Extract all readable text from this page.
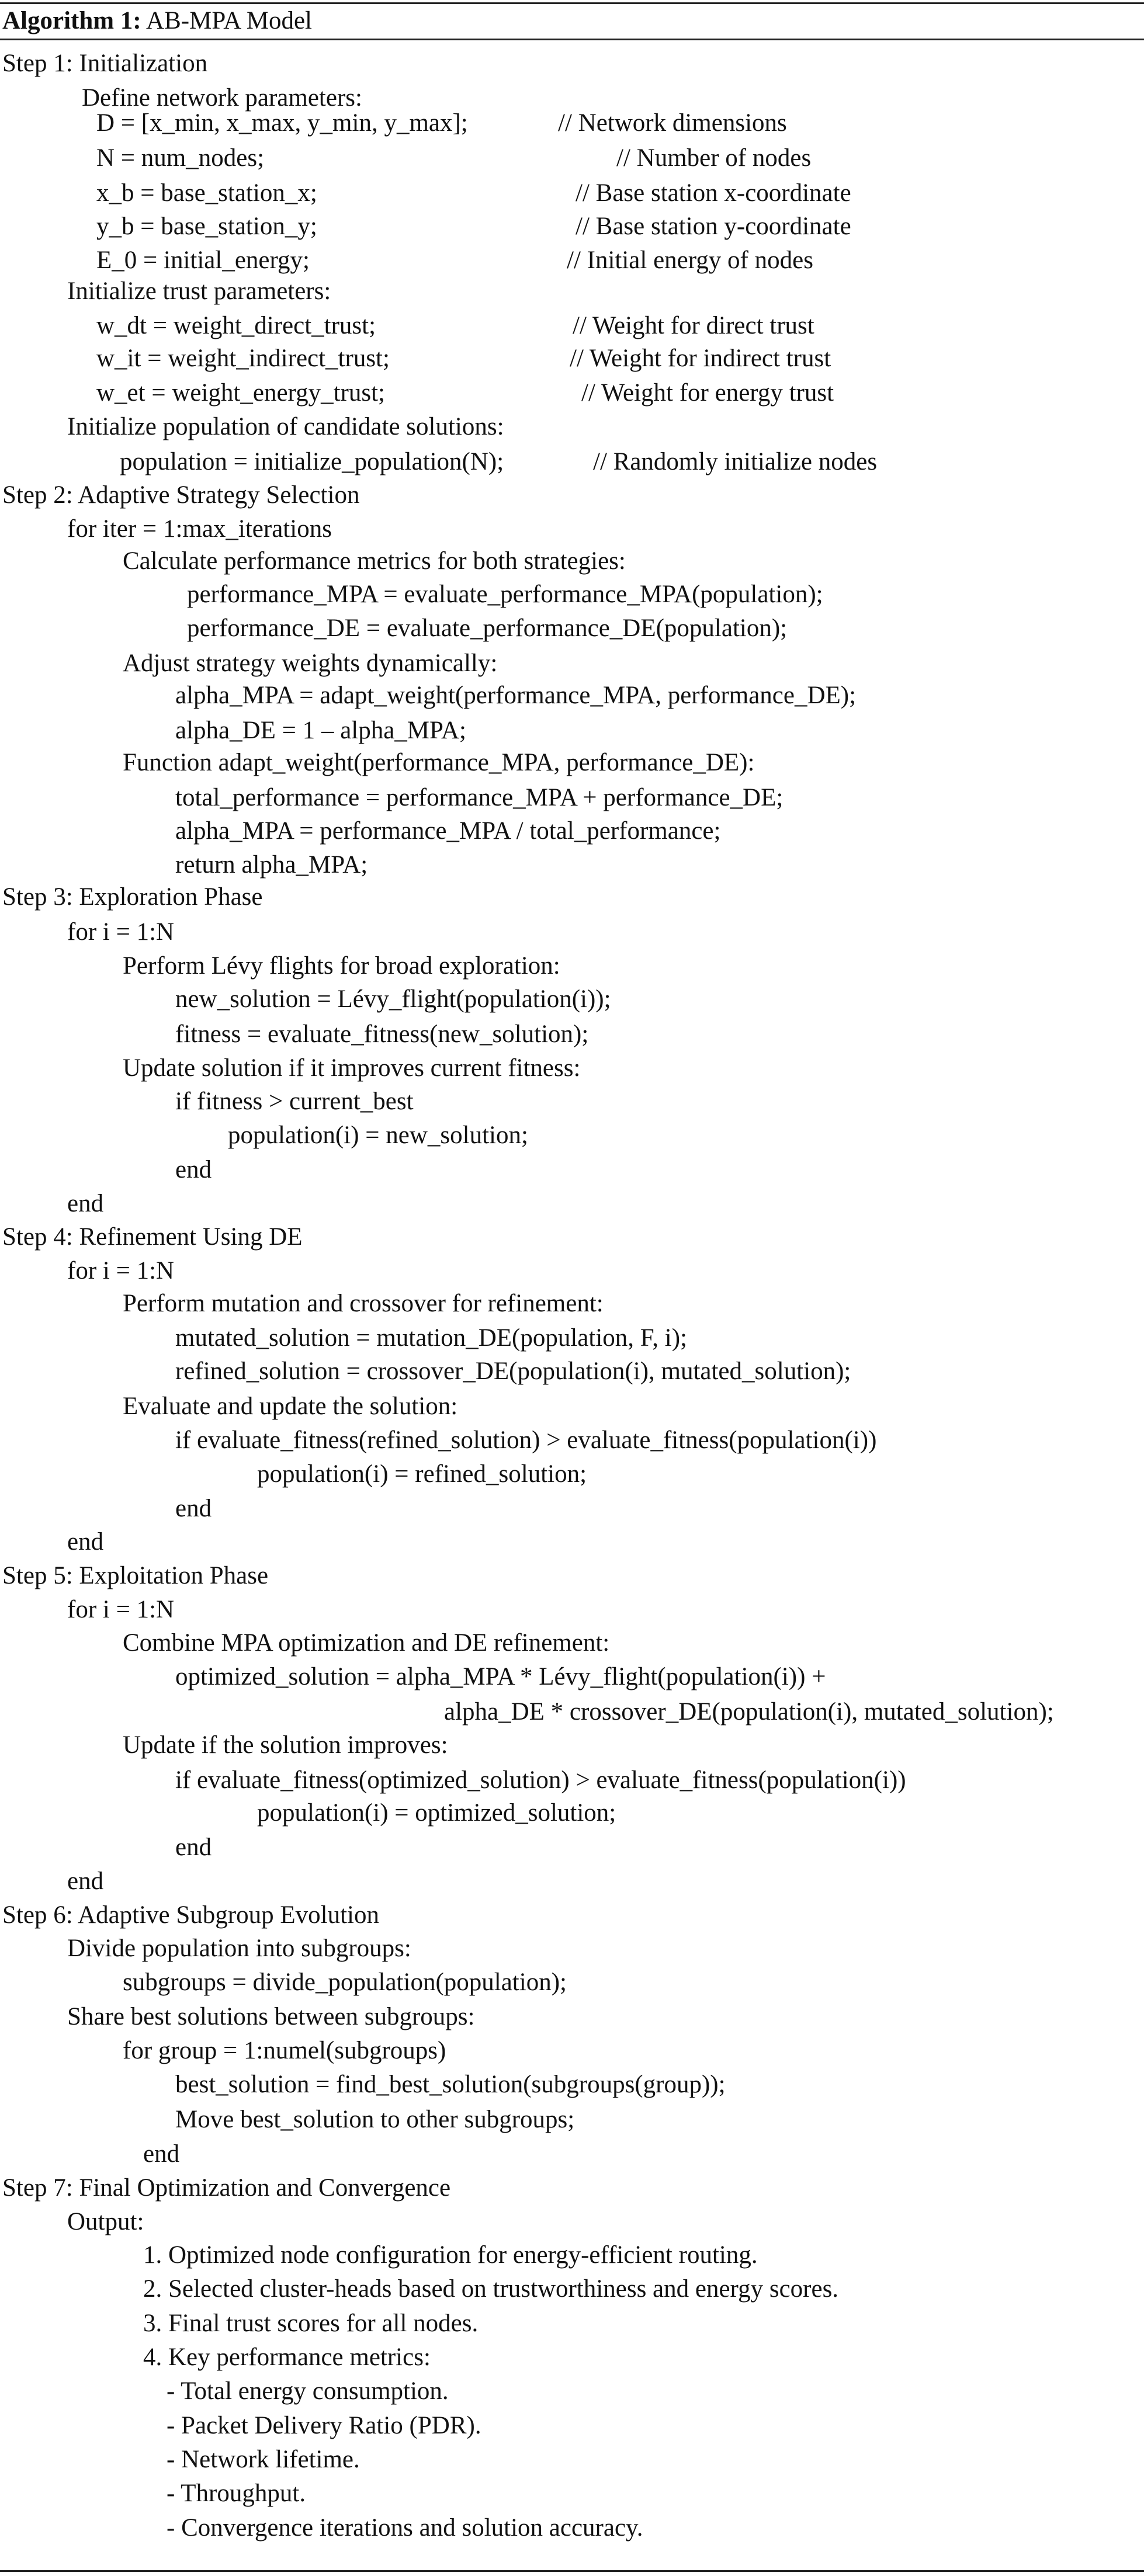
Algorithm 1: AB-MPA Model
Step 1: Initialization
Define network parameters:
D = [x_min, x_max, y_min, y_max];	// Network dimensions
N = num_nodes;	// Number of nodes
x_b = base_station_x;	// Base station x-coordinate
y_b = base_station_y;	// Base station y-coordinate
E_0 = initial_energy;	// Initial energy of nodes
Initialize trust parameters:
w_dt = weight_direct_trust;	// Weight for direct trust
w_it = weight_indirect_trust;	// Weight for indirect trust
w_et = weight_energy_trust;	// Weight for energy trust
Initialize population of candidate solutions:
population = initialize_population(N);	// Randomly initialize nodes
Step 2: Adaptive Strategy Selection
for iter = 1:max_iterations
Calculate performance metrics for both strategies:
performance_MPA = evaluate_performance_MPA(population);
performance_DE = evaluate_performance_DE(population);
Adjust strategy weights dynamically:
alpha_MPA = adapt_weight(performance_MPA, performance_DE);
alpha_DE = 1 – alpha_MPA;
Function adapt_weight(performance_MPA, performance_DE):
total_performance = performance_MPA + performance_DE;
alpha_MPA = performance_MPA / total_performance;
return alpha_MPA;
Step 3: Exploration Phase
for i = 1:N
Perform Lévy flights for broad exploration:
new_solution = Lévy_flight(population(i));
fitness = evaluate_fitness(new_solution);
Update solution if it improves current fitness:
if fitness > current_best
population(i) = new_solution;
end
end
Step 4: Refinement Using DE
for i = 1:N
Perform mutation and crossover for refinement:
mutated_solution = mutation_DE(population, F, i);
refined_solution = crossover_DE(population(i), mutated_solution);
Evaluate and update the solution:
if evaluate_fitness(refined_solution) > evaluate_fitness(population(i))
population(i) = refined_solution;
end
end
Step 5: Exploitation Phase
for i = 1:N
Combine MPA optimization and DE refinement:
optimized_solution = alpha_MPA * Lévy_flight(population(i)) +
alpha_DE * crossover_DE(population(i), mutated_solution);
Update if the solution improves:
if evaluate_fitness(optimized_solution) > evaluate_fitness(population(i))
population(i) = optimized_solution;
end
end
Step 6: Adaptive Subgroup Evolution
Divide population into subgroups:
subgroups = divide_population(population);
Share best solutions between subgroups:
for group = 1:numel(subgroups)
best_solution = find_best_solution(subgroups(group));
Move best_solution to other subgroups;
end
Step 7: Final Optimization and Convergence
Output:
1. Optimized node configuration for energy-efficient routing.
2. Selected cluster-heads based on trustworthiness and energy scores.
3. Final trust scores for all nodes.
4. Key performance metrics:
- Total energy consumption.
- Packet Delivery Ratio (PDR).
- Network lifetime.
- Throughput.
- Convergence iterations and solution accuracy.
